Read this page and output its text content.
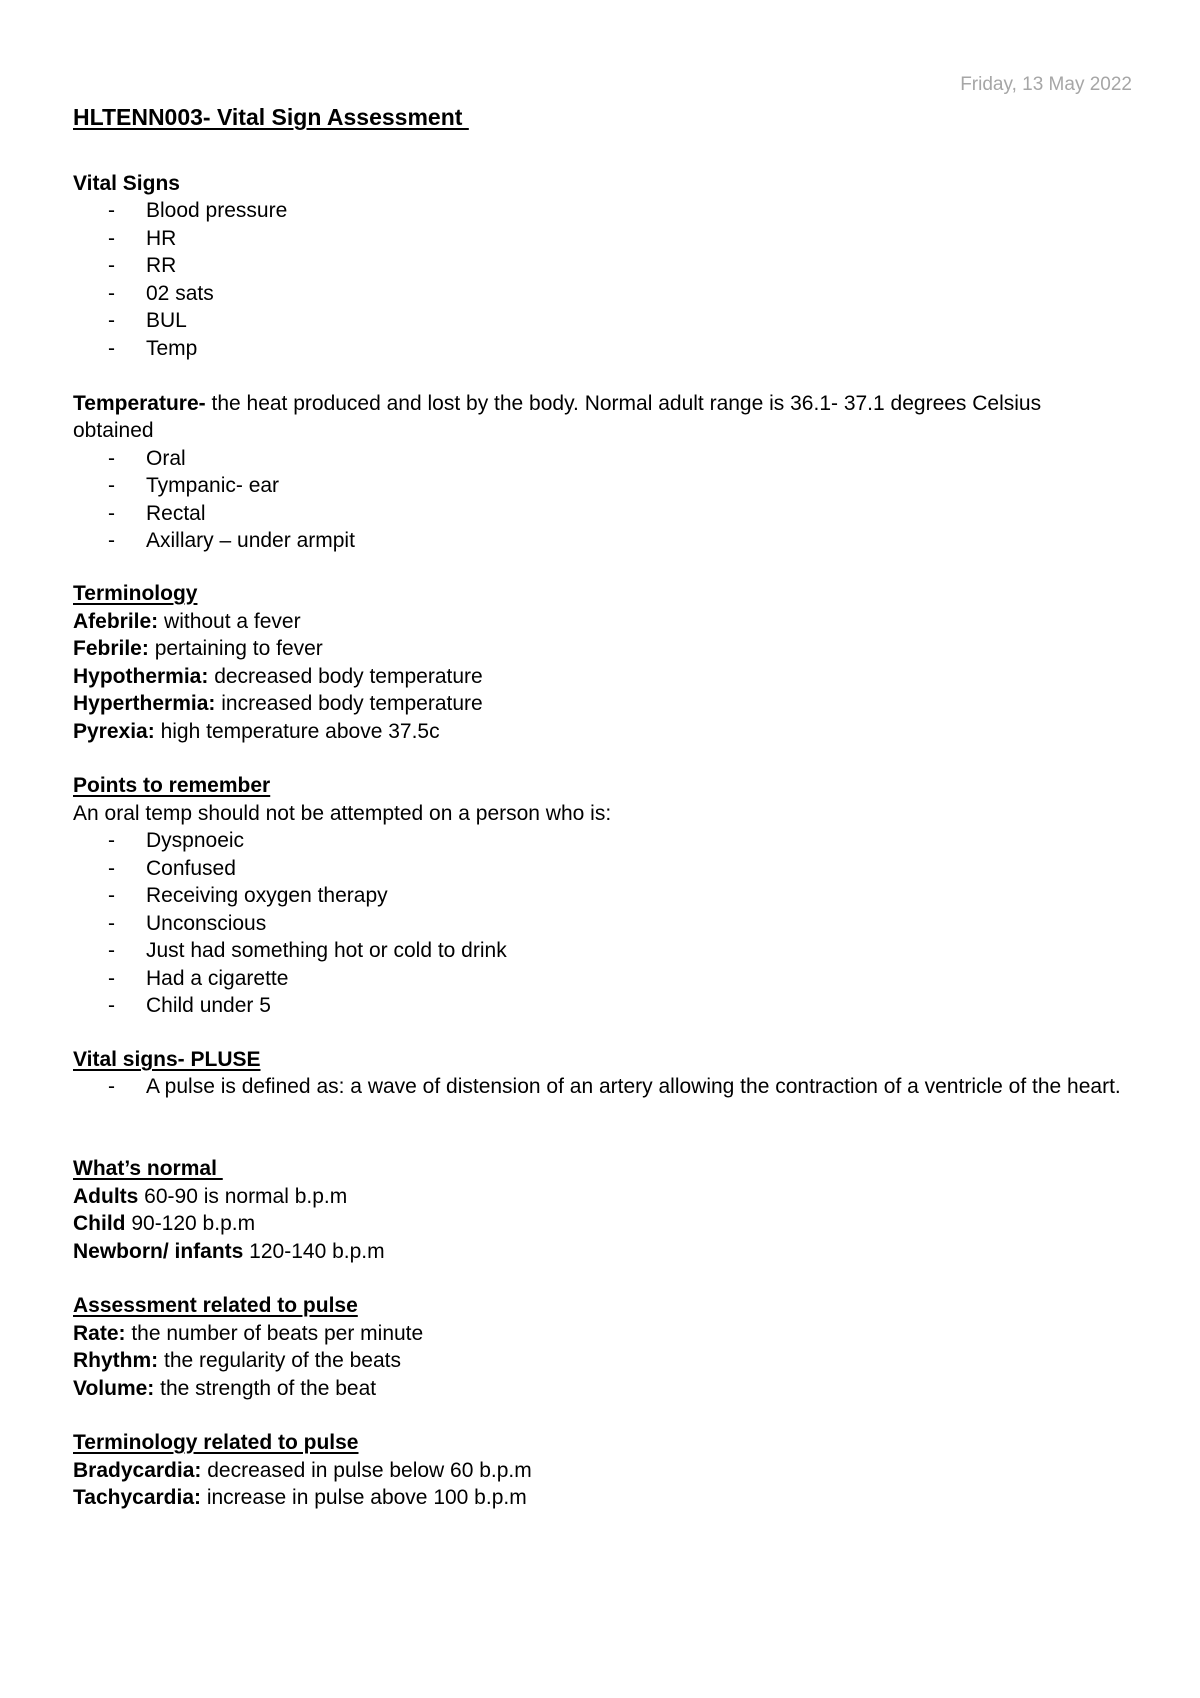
Friday, 13 May 2022
HLTENN003- Vital Sign Assessment
Vital Signs
- Blood pressure
- HR
- RR
- 02 sats
- BUL
- Temp
Temperature- the heat produced and lost by the body. Normal adult range is 36.1- 37.1 degrees Celsius
obtained
- Oral
- Tympanic- ear
- Rectal
- Axillary – under armpit
Terminology
Afebrile: without a fever
Febrile: pertaining to fever
Hypothermia: decreased body temperature
Hyperthermia: increased body temperature
Pyrexia: high temperature above 37.5c
Points to remember
An oral temp should not be attempted on a person who is:
- Dyspnoeic
- Confused
- Receiving oxygen therapy
- Unconscious
- Just had something hot or cold to drink
- Had a cigarette
- Child under 5
Vital signs- PLUSE
- A pulse is defined as: a wave of distension of an artery allowing the contraction of a ventricle of the heart.
What’s normal
Adults 60-90 is normal b.p.m
Child 90-120 b.p.m
Newborn/ infants 120-140 b.p.m
Assessment related to pulse
Rate: the number of beats per minute
Rhythm: the regularity of the beats
Volume: the strength of the beat
Terminology related to pulse
Bradycardia: decreased in pulse below 60 b.p.m
Tachycardia: increase in pulse above 100 b.p.m
